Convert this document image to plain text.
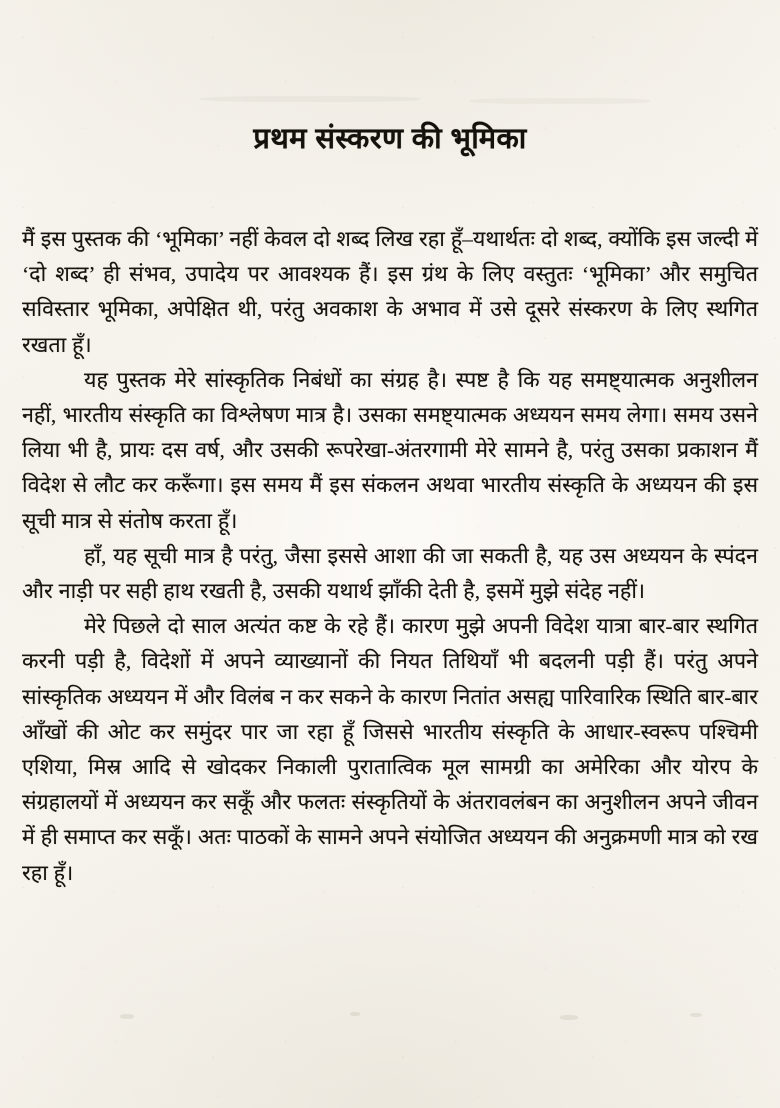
प्रथम संस्करण की भूमिका

मैं इस पुस्तक की ‘भूमिका’ नहीं केवल दो शब्द लिख रहा हूँ–यथार्थतः दो शब्द, क्योंकि इस जल्दी में ‘दो शब्द’ ही संभव, उपादेय पर आवश्यक हैं। इस ग्रंथ के लिए वस्तुतः ‘भूमिका’ और समुचित सविस्तार भूमिका, अपेक्षित थी, परंतु अवकाश के अभाव में उसे दूसरे संस्करण के लिए स्थगित रखता हूँ।

यह पुस्तक मेरे सांस्कृतिक निबंधों का संग्रह है। स्पष्ट है कि यह समष्ट्यात्मक अनुशीलन नहीं, भारतीय संस्कृति का विश्लेषण मात्र है। उसका समष्ट्यात्मक अध्ययन समय लेगा। समय उसने लिया भी है, प्रायः दस वर्ष, और उसकी रूपरेखा-अंतरगामी मेरे सामने है, परंतु उसका प्रकाशन मैं विदेश से लौट कर करूँगा। इस समय मैं इस संकलन अथवा भारतीय संस्कृति के अध्ययन की इस सूची मात्र से संतोष करता हूँ।

हाँ, यह सूची मात्र है परंतु, जैसा इससे आशा की जा सकती है, यह उस अध्ययन के स्पंदन और नाड़ी पर सही हाथ रखती है, उसकी यथार्थ झाँकी देती है, इसमें मुझे संदेह नहीं।

मेरे पिछले दो साल अत्यंत कष्ट के रहे हैं। कारण मुझे अपनी विदेश यात्रा बार-बार स्थगित करनी पड़ी है, विदेशों में अपने व्याख्यानों की नियत तिथियाँ भी बदलनी पड़ी हैं। परंतु अपने सांस्कृतिक अध्ययन में और विलंब न कर सकने के कारण नितांत असह्य पारिवारिक स्थिति बार-बार आँखों की ओट कर समुंदर पार जा रहा हूँ जिससे भारतीय संस्कृति के आधार-स्वरूप पश्चिमी एशिया, मिस्र आदि से खोदकर निकाली पुरातात्विक मूल सामग्री का अमेरिका और योरप के संग्रहालयों में अध्ययन कर सकूँ और फलतः संस्कृतियों के अंतरावलंबन का अनुशीलन अपने जीवन में ही समाप्त कर सकूँ। अतः पाठकों के सामने अपने संयोजित अध्ययन की अनुक्रमणी मात्र को रख रहा हूँ।
